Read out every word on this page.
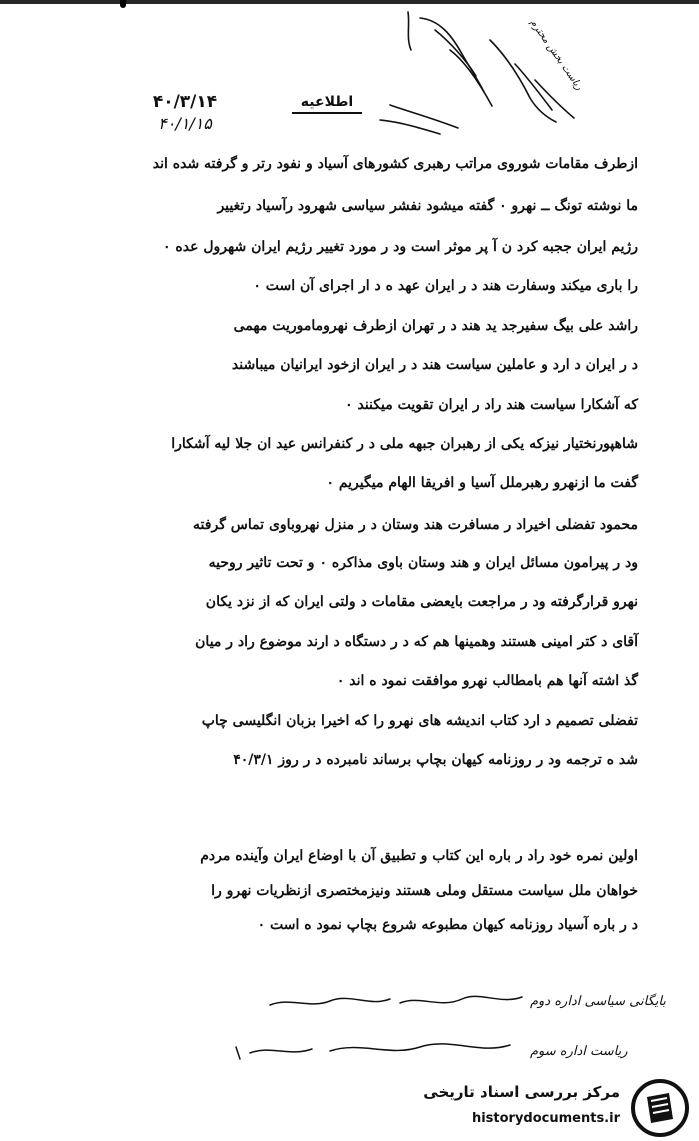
۴۰/۳/۱۴
۴۰/۱/۱۵
اطلاعیه
ریاست بخش محترم
ازطرف مقامات شوروی مراتب رهبری کشورهای آسیاد و نفود رتر و گرفته شده اند
ما نوشته تونگ ــ نهرو ۰ گفته میشود نفشر سیاسی شهرود رآسیاد رتغییر
رژیم ایران ججبه کرد ن آ پر موثر است ود ر مورد تغییر رژیم ایران شهرول عده ۰
را باری میکند وسفارت هند د ر ایران عهد ه د ار اجرای آن است ۰
راشد علی بیگ سفیرجد ید هند د ر تهران ازطرف نهروماموریت مهمی
د ر ایران د ارد و عاملین سیاست هند د ر ایران ازخود ایرانیان میباشند
که آشکارا سیاست هند راد ر ایران تقویت میکنند ۰
شاهپورنختیار نیزکه یکی از رهبران جبهه ملی د ر کنفرانس عید ان جلا لیه آشکارا
گفت ما ازنهرو رهبرملل آسیا و افریقا الهام میگیریم ۰
محمود تفضلی اخیراد ر مسافرت هند وستان د ر منزل نهروباوی تماس گرفته
ود ر پیرامون مسائل ایران و هند وستان باوی مذاکره ۰ و تحت تاثیر روحیه
نهرو قرارگرفته ود ر مراجعت بایعضی مقامات د ولتی ایران که از نزد یکان
آقای د کتر امینی هستند وهمینها هم که د ر دستگاه د ارند موضوع راد ر میان
گذ اشته آنها هم بامطالب نهرو موافقت نمود ه اند ۰
تفضلی تصمیم د ارد کتاب اندیشه های نهرو را که اخیرا بزبان انگلیسی چاپ
شد ه ترجمه ود ر روزنامه کیهان بچاپ برساند نامبرده د ر روز ۴۰/۳/۱
اولین نمره خود راد ر باره این کتاب و تطبیق آن با اوضاع ایران وآینده مردم
خواهان ملل سیاست مستقل وملی هستند ونیزمختصری ازنظریات نهرو را
د ر باره آسیاد روزنامه کیهان مطبوعه شروع بچاپ نمود ه است ۰
بایگانی سیاسی اداره دوم
ریاست اداره سوم
مرکز بررسی اسناد تاریخی
historydocuments.ir
